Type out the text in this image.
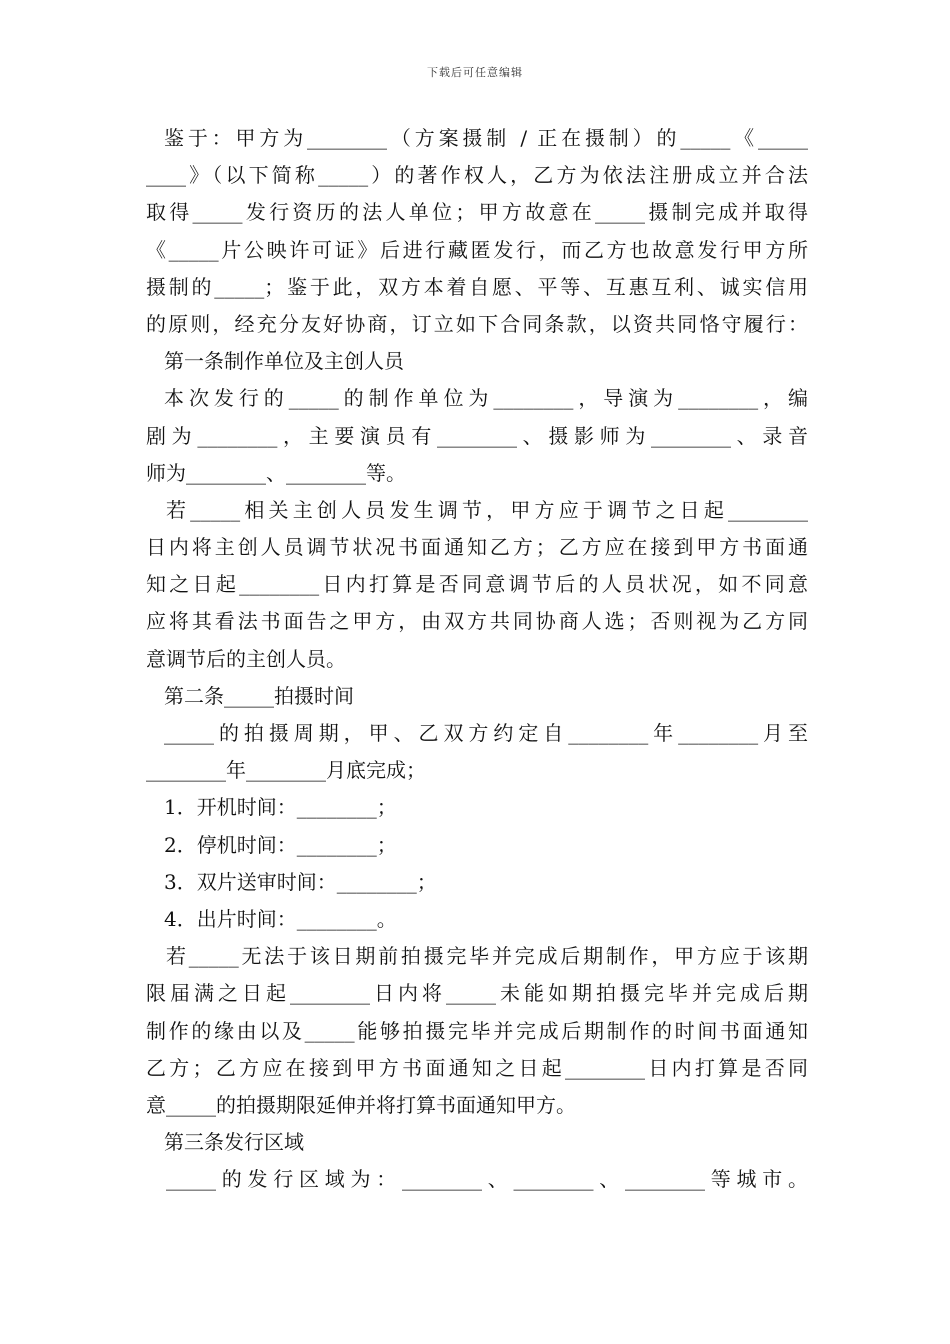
下载后可任意编辑
鉴于：甲方为________（方案摄制 / 正在摄制）的_____《_____
____》（以下简称_____）的著作权人，乙方为依法注册成立并合法
取得_____发行资历的法人单位；甲方故意在_____摄制完成并取得
《_____片公映许可证》后进行藏匿发行，而乙方也故意发行甲方所
摄制的_____；鉴于此，双方本着自愿、平等、互惠互利、诚实信用
的原则，经充分友好协商，订立如下合同条款，以资共同恪守履行：
第一条制作单位及主创人员
本次发行的_____的制作单位为________，导演为________，编
剧为________，主要演员有________、摄影师为________、录音
师为________、________等。
若_____相关主创人员发生调节，甲方应于调节之日起________
日内将主创人员调节状况书面通知乙方；乙方应在接到甲方书面通
知之日起________日内打算是否同意调节后的人员状况，如不同意
应将其看法书面告之甲方，由双方共同协商人选；否则视为乙方同
意调节后的主创人员。
第二条_____拍摄时间
_____的拍摄周期，甲、乙双方约定自________年________月至
________年________月底完成；
1．开机时间：________；
2．停机时间：________；
3．双片送审时间：________；
4．出片时间：________。
若_____无法于该日期前拍摄完毕并完成后期制作，甲方应于该期
限届满之日起________日内将_____未能如期拍摄完毕并完成后期
制作的缘由以及_____能够拍摄完毕并完成后期制作的时间书面通知
乙方；乙方应在接到甲方书面通知之日起________日内打算是否同
意_____的拍摄期限延伸并将打算书面通知甲方。
第三条发行区域
_____的发行区域为：________、________、________等城市。
